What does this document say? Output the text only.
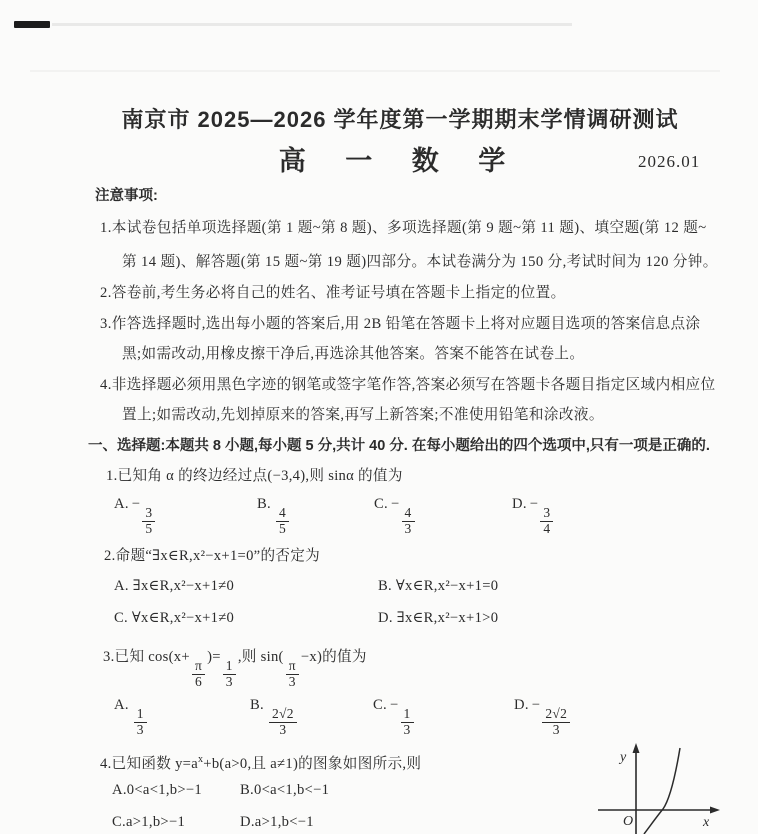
南京市 2025—2026 学年度第一学期期末学情调研测试
高 一 数 学	2026.01
注意事项:
1.本试卷包括单项选择题(第 1 题~第 8 题)、多项选择题(第 9 题~第 11 题)、填空题(第 12 题~
第 14 题)、解答题(第 15 题~第 19 题)四部分。本试卷满分为 150 分,考试时间为 120 分钟。
2.答卷前,考生务必将自己的姓名、准考证号填在答题卡上指定的位置。
3.作答选择题时,选出每小题的答案后,用 2B 铅笔在答题卡上将对应题目选项的答案信息点涂
黑;如需改动,用橡皮擦干净后,再选涂其他答案。答案不能答在试卷上。
4.非选择题必须用黑色字迹的钢笔或签字笔作答,答案必须写在答题卡各题目指定区域内相应位
置上;如需改动,先划掉原来的答案,再写上新答案;不准使用铅笔和涂改液。
一、选择题:本题共 8 小题,每小题 5 分,共计 40 分. 在每小题给出的四个选项中,只有一项是正确的.
1.已知角 α 的终边经过点(−3,4),则 sinα 的值为
A. −
$\frac{3}{5}$
B.
$\frac{4}{5}$
C. −
$\frac{4}{3}$
D. −
$\frac{3}{4}$
2.命题“∃x∈R,x²−x+1=0”的否定为
A. ∃x∈R,x²−x+1≠0	B. ∀x∈R,x²−x+1=0
C. ∀x∈R,x²−x+1≠0	D. ∃x∈R,x²−x+1>0
3.已知 cos(x+
$\frac{\pi}{6}$
)=
$\frac{1}{3}$
,则 sin(
$\frac{\pi}{3}$
−x)的值为
A.
$\frac{1}{3}$
B.
$\frac{2√2}{3}$
C. −
$\frac{1}{3}$
D. −
$\frac{2√2}{3}$
4.已知函数 $y=a^x+b(a>0$,且 a≠1)的图象如图所示,则
A.0<a<1,b>−1	B.0<a<1,b<−1
C.a>1,b>−1	D.a>1,b<−1
y
O	x
